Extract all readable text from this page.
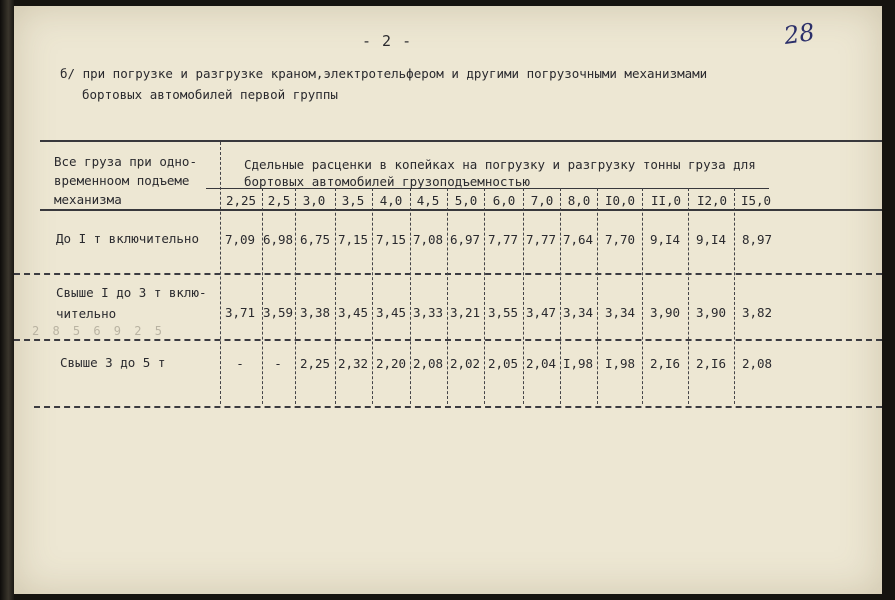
- 2 -	28
б/ при погрузке и разгрузке краном,электротельфером и другими погрузочными механизмами
бортовых автомобилей первой группы
Все груза при одно-
временноом подъеме
механизма
Сдельные расценки в копейках на погрузку и разгрузку тонны груза для
бортовых автомобилей грузоподъемностью
2,25 2,5 3,0	3,5	4,0	4,5	5,0	6,0	7,0	8,0	I0,0 II,0 I2,0 I5,0
До I т включительно	7,09 6,98 6,75 7,15 7,15 7,08 6,97 7,77 7,77 7,64 7,70	9,I4	9,I4	8,97
Свыше I до 3 т вклю-
чительно
2 8 5 6 9 2 5
3,71 3,59 3,38 3,45 3,45 3,33 3,21 3,55 3,47 3,34 3,34	3,90	3,90	3,82
Свыше 3 до 5 т	-	-	2,25 2,32 2,20 2,08 2,02 2,05 2,04 I,98 I,98	2,I6	2,I6	2,08
